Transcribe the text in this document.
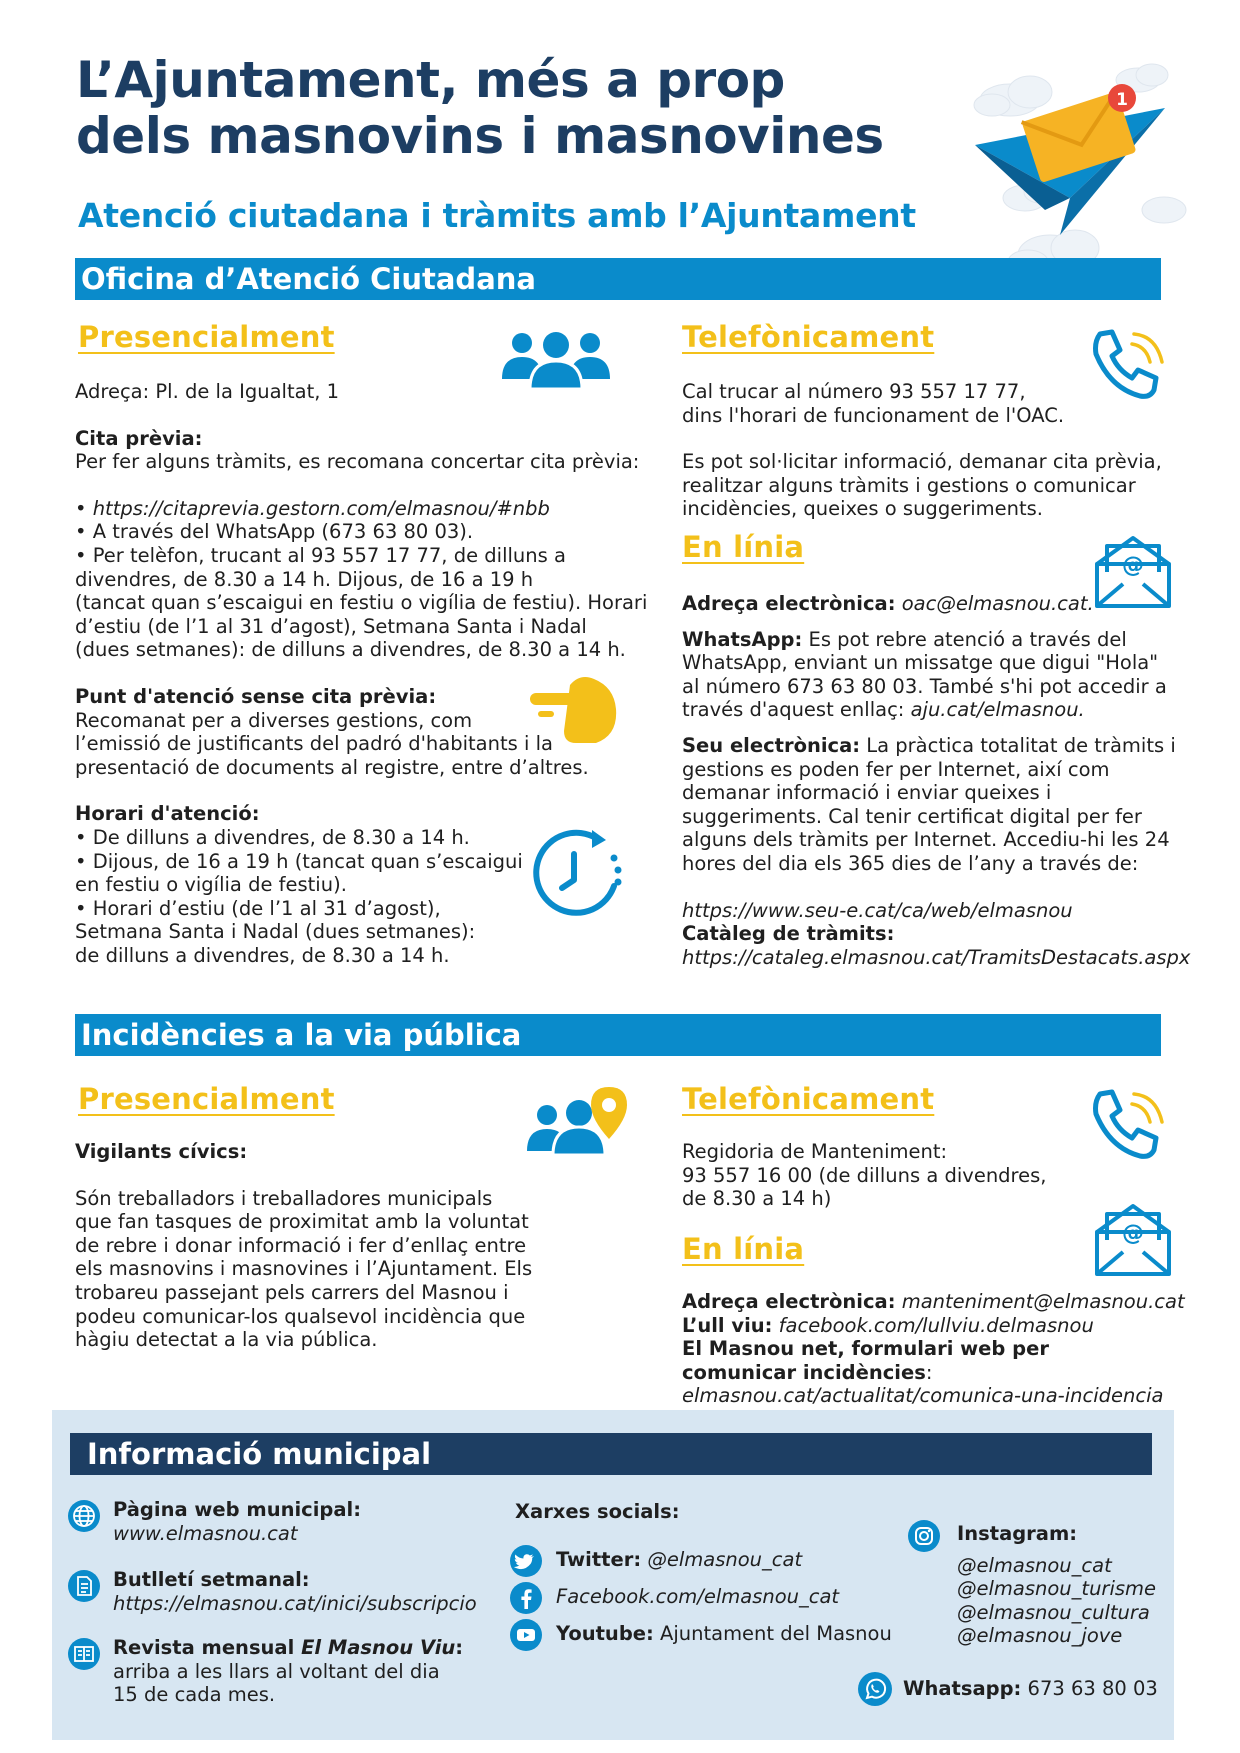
L’Ajuntament, més a prop
dels masnovins i masnovines
1
Atenció ciutadana i tràmits amb l’Ajuntament
Oficina d’Atenció Ciutadana
Presencialment
Adreça: Pl. de la Igualtat, 1
Cita prèvia:
Per fer alguns tràmits, es recomana concertar cita prèvia:
• https://citaprevia.gestorn.com/elmasnou/#nbb
• A través del WhatsApp (673 63 80 03).
• Per telèfon, trucant al 93 557 17 77, de dilluns a
divendres, de 8.30 a 14 h. Dijous, de 16 a 19 h
(tancat quan s’escaigui en festiu o vigília de festiu). Horari
d’estiu (de l’1 al 31 d’agost), Setmana Santa i Nadal
(dues setmanes): de dilluns a divendres, de 8.30 a 14 h.
Punt d'atenció sense cita prèvia:
Recomanat per a diverses gestions, com
l’emissió de justificants del padró d'habitants i la
presentació de documents al registre, entre d’altres.
Horari d'atenció:
• De dilluns a divendres, de 8.30 a 14 h.
• Dijous, de 16 a 19 h (tancat quan s’escaigui
en festiu o vigília de festiu).
• Horari d’estiu (de l’1 al 31 d’agost),
Setmana Santa i Nadal (dues setmanes):
de dilluns a divendres, de 8.30 a 14 h.
Telefònicament
Cal trucar al número 93 557 17 77,
dins l'horari de funcionament de l'OAC.
Es pot sol·licitar informació, demanar cita prèvia,
realitzar alguns tràmits i gestions o comunicar
incidències, queixes o suggeriments.
En línia
@
Adreça electrònica: oac@elmasnou.cat.
WhatsApp: Es pot rebre atenció a través del
WhatsApp, enviant un missatge que digui "Hola"
al número 673 63 80 03. També s'hi pot accedir a
través d'aquest enllaç: aju.cat/elmasnou.
Seu electrònica: La pràctica totalitat de tràmits i
gestions es poden fer per Internet, així com
demanar informació i enviar queixes i
suggeriments. Cal tenir certificat digital per fer
alguns dels tràmits per Internet. Accediu-hi les 24
hores del dia els 365 dies de l’any a través de:
https://www.seu-e.cat/ca/web/elmasnou
Catàleg de tràmits:
https://cataleg.elmasnou.cat/TramitsDestacats.aspx
Incidències a la via pública
Presencialment
Vigilants cívics:
Són treballadors i treballadores municipals
que fan tasques de proximitat amb la voluntat
de rebre i donar informació i fer d’enllaç entre
els masnovins i masnovines i l’Ajuntament. Els
trobareu passejant pels carrers del Masnou i
podeu comunicar-los qualsevol incidència que
hàgiu detectat a la via pública.
Telefònicament
Regidoria de Manteniment:
93 557 16 00 (de dilluns a divendres,
de 8.30 a 14 h)
@
En línia
Adreça electrònica: manteniment@elmasnou.cat
L’ull viu: facebook.com/lullviu.delmasnou
El Masnou net, formulari web per
comunicar incidències:
elmasnou.cat/actualitat/comunica-una-incidencia
Informació municipal
Pàgina web municipal:
www.elmasnou.cat
Butlletí setmanal:
https://elmasnou.cat/inici/subscripcio
Revista mensual El Masnou Viu:
arriba a les llars al voltant del dia
15 de cada mes.
Xarxes socials:
Twitter: @elmasnou_cat
Facebook.com/elmasnou_cat
Youtube: Ajuntament del Masnou
Instagram:
@elmasnou_cat
@elmasnou_turisme
@elmasnou_cultura
@elmasnou_jove
Whatsapp: 673 63 80 03
